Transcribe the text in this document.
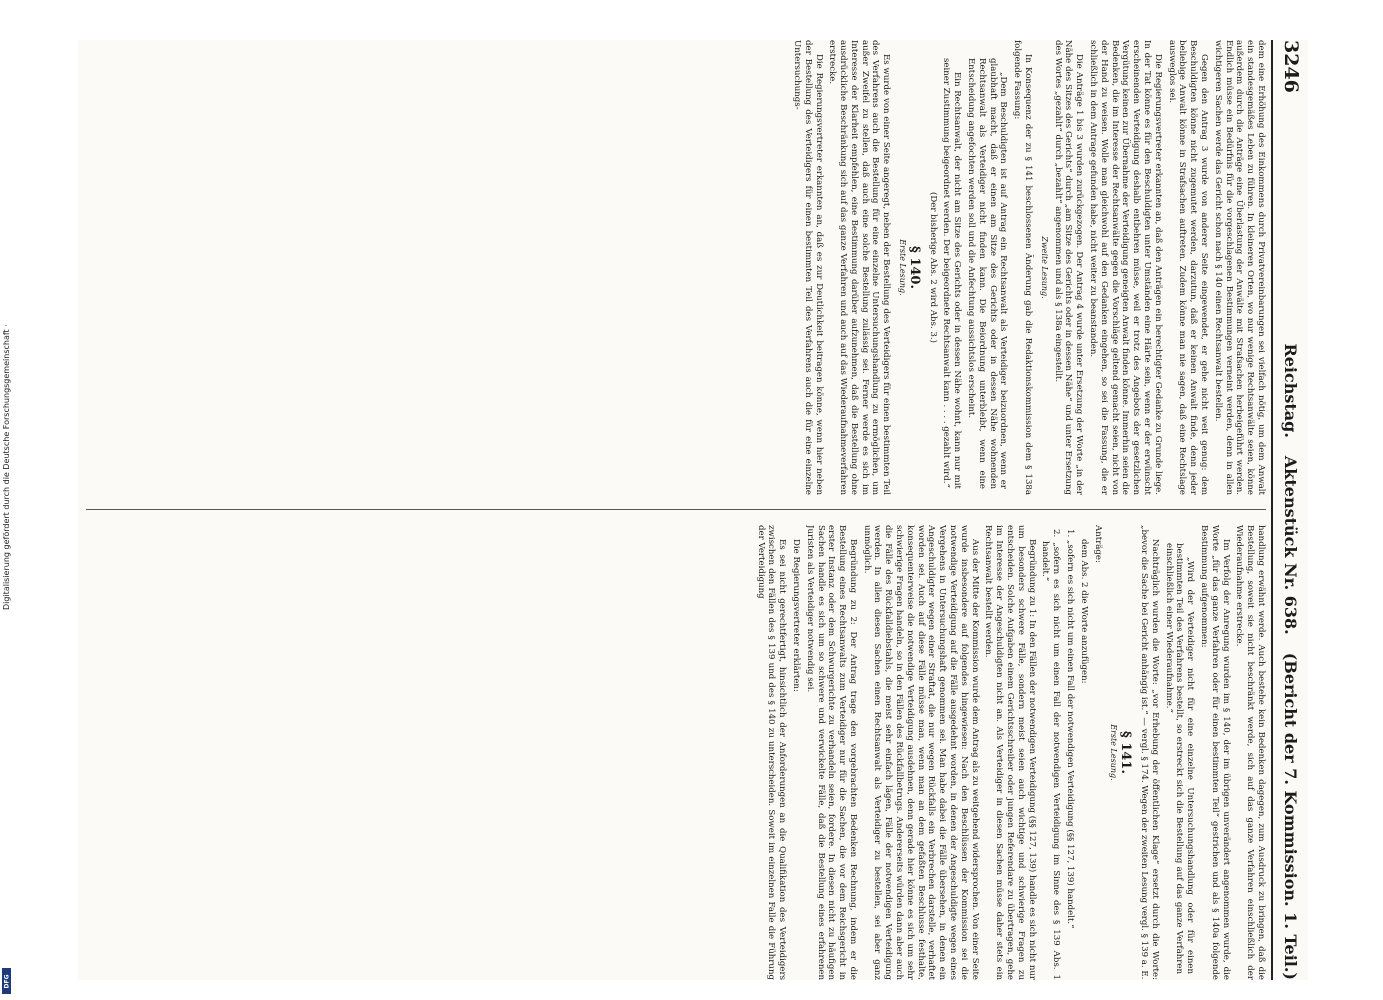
3246
Reichstag.
Aktenstück Nr. 638.
(Bericht der 7. Kommission. 1. Teil.)

dem eine Erhöhung des Einkommens durch Privatvereinbarungen sei vielfach nötig, um dem Anwalt ein standesgemäßes Leben zu führen. In kleineren Orten, wo nur wenige Rechtsanwälte seien, könne außerdem durch die Anträge eine Überlastung der Anwälte mit Strafsachen herbeigeführt werden. Endlich müsse ein Bedürfnis für die vorgeschlagenen Bestimmungen verneint werden, denn in allen wichtigeren Sachen werde das Gericht schon nach § 140 einen Rechtsanwalt bestellen.

Gegen den Antrag 3 wurde von anderer Seite eingewendet, er gehe nicht weit genug: dem Beschuldigten könne nicht zugemutet werden, darzutun, daß er keinen Anwalt finde, denn jeder beliebige Anwalt könne in Strafsachen auftreten. Zudem könne man nie sagen, daß eine Rechtslage ausweglos sei.

Die Regierungsvertreter erkannten an, daß den Anträgen ein berechtigter Gedanke zu Grunde liege. In der Tat könne es für den Beschuldigten unter Umständen eine Härte sein, wenn er der erwünscht erscheinenden Verteidigung deshalb entbehren müsse, weil er trotz des Angebots der gesetzlichen Vergütung keinen zur Übernahme der Verteidigung geneigten Anwalt finden könne. Immerhin seien die Bedenken, die im Interesse der Rechtsanwälte gegen die Vorschläge geltend gemacht seien, nicht von der Hand zu weisen. Wolle man gleichwohl auf den Gedanken eingehen, so sei die Fassung, die er schließlich in dem Antrage gefunden habe, nicht weiter zu beanstanden.

Die Anträge 1 bis 3 wurden zurückgezogen. Der Antrag 4 wurde unter Ersetzung der Worte „in der Nähe des Sitzes des Gerichts“ durch „am Sitze des Gerichts oder in dessen Nähe“ und unter Ersetzung des Wortes „gezahlt“ durch „bezahlt“ angenommen und als § 138a eingestellt.

Zweite Lesung.

In Konsequenz der zu § 141 beschlossenen Änderung gab die Redaktionskommission dem § 138a folgende Fassung:

„Dem Beschuldigten ist auf Antrag ein Rechtsanwalt als Verteidiger beizuordnen, wenn er glaubhaft macht, daß er einen am Sitze des Gerichts oder in dessen Nähe wohnenden Rechtsanwalt als Verteidiger nicht finden kann. Die Beiordnung unterbleibt, wenn eine Entscheidung angefochten werden soll und die Anfechtung aussichtslos erscheint.

Ein Rechtsanwalt, der nicht am Sitze des Gerichts oder in dessen Nähe wohnt, kann nur mit seiner Zustimmung beigeordnet werden. Der beigeordnete Rechtsanwalt kann . . . . gezahlt wird.“

(Der bisherige Abs. 2 wird Abs. 3.)

§ 140.

Erste Lesung.

Es wurde von einer Seite angeregt, neben der Bestellung des Verteidigers für einen bestimmten Teil des Verfahrens auch die Bestellung für eine einzelne Untersuchungshandlung zu ermöglichen, um außer Zweifel zu stellen, daß auch eine solche Bestellung zulässig sei. Ferner werde es sich im Interesse der Klarheit empfehlen, eine Bestimmung darüber aufzunehmen, daß die Bestellung ohne ausdrückliche Beschränkung sich auf das ganze Verfahren und auch auf das Wiederaufnahmeverfahren erstrecke.

Die Regierungsvertreter erkannten an, daß es zur Deutlichkeit beitragen könne, wenn hier neben der Bestellung des Verteidigers für einen bestimmten Teil des Verfahrens auch die für eine einzelne Untersuchungs-

handlung erwähnt werde. Auch bestehe kein Bedenken dagegen, zum Ausdruck zu bringen, daß die Bestellung, soweit sie nicht beschränkt werde, sich auf das ganze Verfahren einschließlich der Wiederaufnahme erstrecke.

Im Verfolg der Anregung wurden im § 140, der im übrigen unverändert angenommen wurde, die Worte „für das ganze Verfahren oder für einen bestimmten Teil“ gestrichen und als § 140a folgende Bestimmung aufgenommen:

„Wird der Verteidiger nicht für eine einzelne Untersuchungshandlung oder für einen bestimmten Teil des Verfahrens bestellt, so erstreckt sich die Bestellung auf das ganze Verfahren einschließlich einer Wiederaufnahme.“

Nachträglich wurden die Worte: „vor Erhebung der öffentlichen Klage“ ersetzt durch die Worte: „bevor die Sache bei Gericht anhängig ist.“ — vergl. § 174. Wegen der zweiten Lesung vergl. § 139 a. E.

§ 141.

Erste Lesung.

Anträge:

dem Abs. 2 die Worte anzufügen:

1. „sofern es sich nicht um einen Fall der notwendigen Verteidigung (§§ 127, 139) handelt.“

2. „sofern es sich nicht um einen Fall der notwendigen Verteidigung im Sinne des § 139 Abs. 1 handelt.“

Begründung zu 1: In den Fällen der notwendigen Verteidigung (§§ 127, 139) handle es sich nicht nur um besonders schwere Fälle, sondern meist seien auch wichtige und schwierige Fragen zu entscheiden. Solche Aufgaben einem Gerichtsschreiber oder jungen Referendare zu übertragen, gehe im Interesse der Angeschuldigten nicht an. Als Verteidiger in diesen Sachen müsse daher stets ein Rechtsanwalt bestellt werden.

Aus der Mitte der Kommission wurde dem Antrag als zu weitgehend widersprochen. Von einer Seite wurde insbesondere auf folgendes hingewiesen: Nach den Beschlüssen der Kommission sei die notwendige Verteidigung auf die Fälle ausgedehnt worden, in denen der Angeschuldigte wegen eines Vergehens in Untersuchungshaft genommen sei. Man habe dabei die Fälle übersehen, in denen ein Angeschuldigter wegen einer Straftat, die nur wegen Rückfalls ein Verbrechen darstelle, verhaftet worden sei. Auch auf diese Fälle müsse man, wenn man an dem gefaßten Beschlusse festhalte, konsequenterweise die notwendige Verteidigung ausdehnen, denn gerade hier könne es sich um sehr schwierige Fragen handeln, so in den Fällen des Rückfallbetrugs. Andererseits würden dann aber auch die Fälle des Rückfalldiebstahls, die meist sehr einfach lägen, Fälle der notwendigen Verteidigung werden. In allen diesen Sachen einen Rechtsanwalt als Verteidiger zu bestellen, sei aber ganz unmöglich.

Begründung zu 2: Der Antrag trage den vorgebrachten Bedenken Rechnung, indem er die Bestellung eines Rechtsanwalts zum Verteidiger nur für die Sachen, die vor dem Reichsgericht in erster Instanz oder dem Schwurgerichte zu verhandeln seien, fordere. In diesen nicht zu häufigen Sachen handle es sich um so schwere und verwickelte Fälle, daß die Bestellung eines erfahrenen Juristen als Verteidiger notwendig sei.

Die Regierungsvertreter erklärten:

Es sei nicht gerechtfertigt, hinsichtlich der Anforderungen an die Qualifikation des Verteidigers zwischen den Fällen des § 139 und des § 140 zu unterscheiden. Soweit im einzelnen Falle die Führung der Verteidigung

Digitalisierung gefördert durch die Deutsche Forschungsgemeinschaft ·
DFG
